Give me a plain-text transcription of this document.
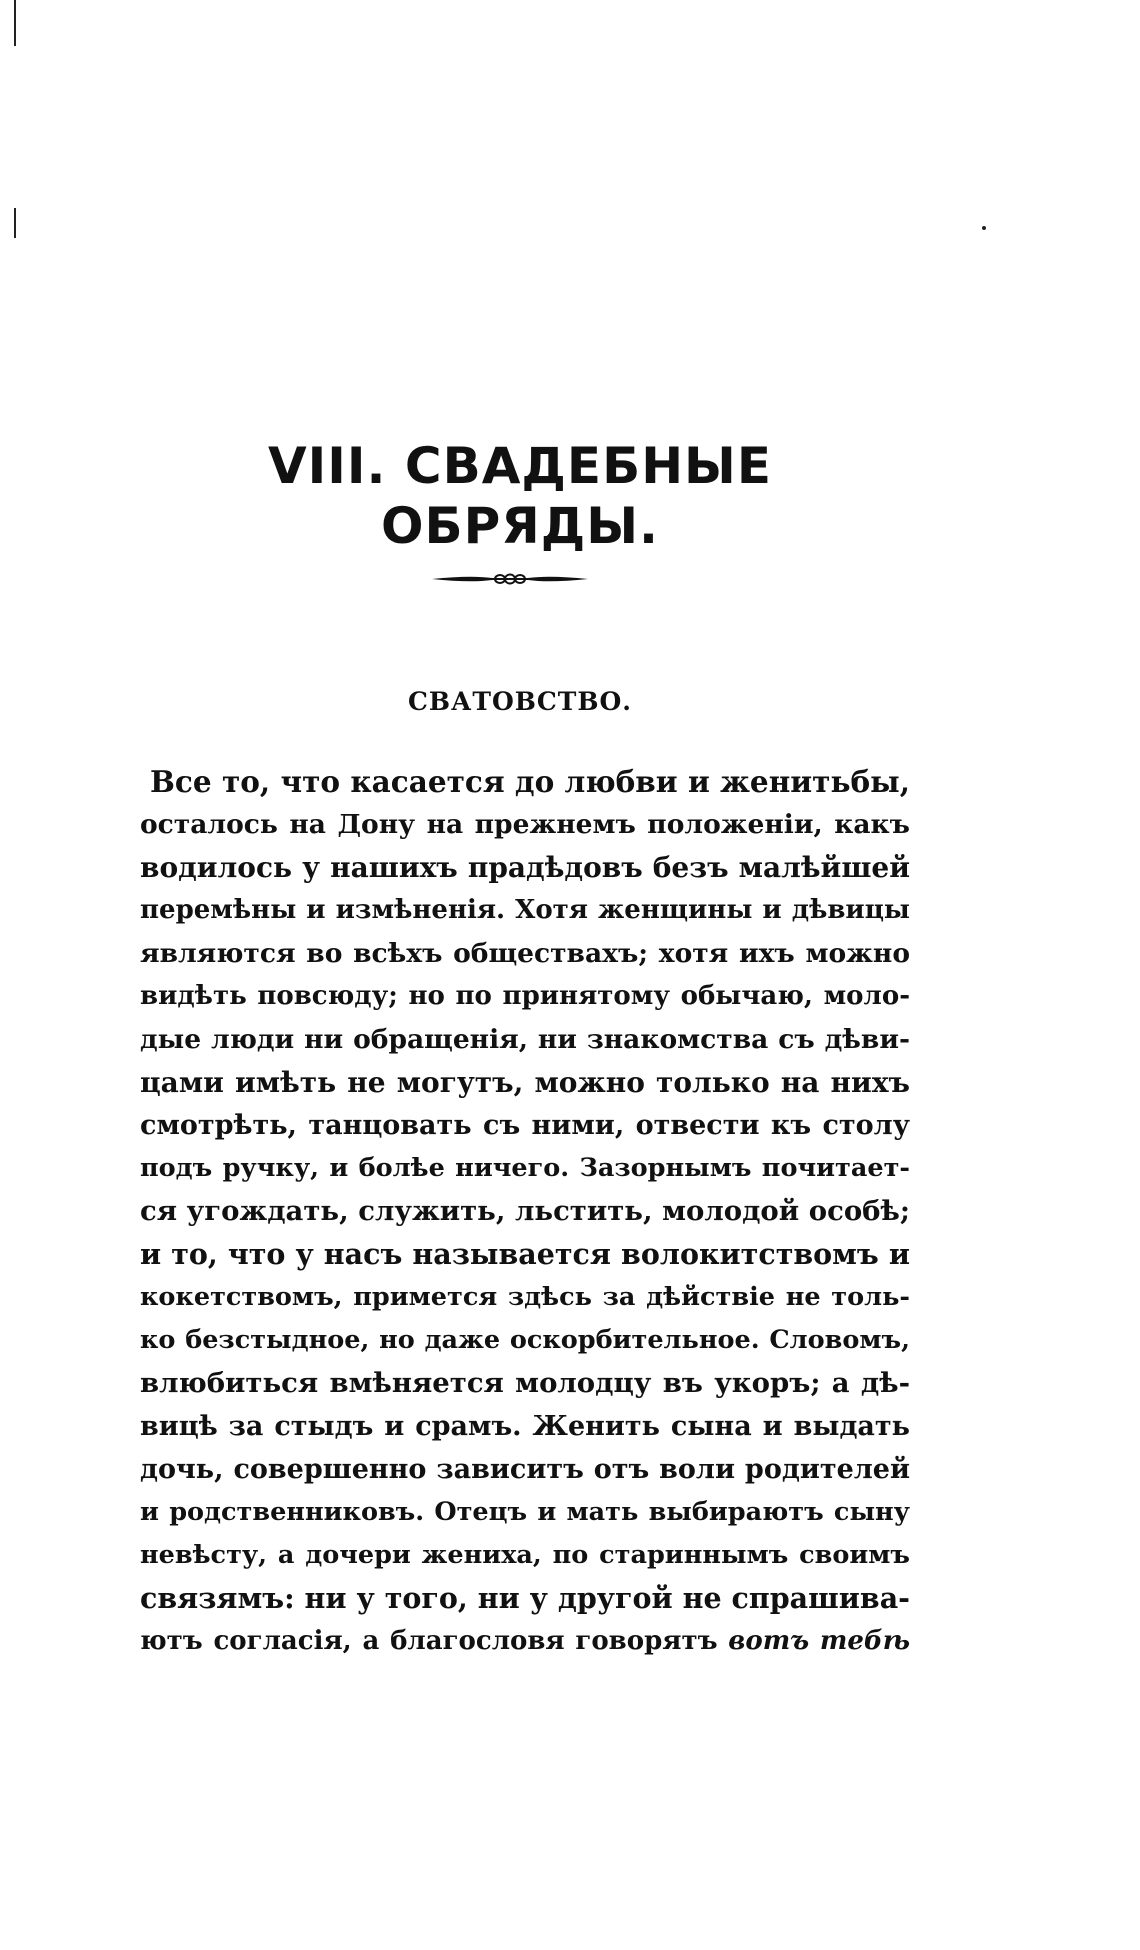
VIII. СВАДЕБНЫЕ ОБРЯДЫ.
СВАТОВСТВО.
Все то, что касается до любви и женитьбы,
осталось на Дону на прежнемъ положеніи, какъ
водилось у нашихъ прадѣдовъ безъ малѣйшей
перемѣны и измѣненія. Хотя женщины и дѣвицы
являются во всѣхъ обществахъ; хотя ихъ можно
видѣть повсюду; но по принятому обычаю, моло-
дые люди ни обращенія, ни знакомства съ дѣви-
цами имѣть не могутъ, можно только на нихъ
смотрѣть, танцовать съ ними, отвести къ столу
подъ ручку, и болѣе ничего. Зазорнымъ почитает-
ся угождать, служить, льстить, молодой особѣ;
и то, что у насъ называется волокитствомъ и
кокетствомъ, примется здѣсь за дѣйствіе не толь-
ко безстыдное, но даже оскорбительное. Словомъ,
влюбиться вмѣняется молодцу въ укоръ; а дѣ-
вицѣ за стыдъ и срамъ. Женить сына и выдать
дочь, совершенно зависитъ отъ воли родителей
и родственниковъ. Отецъ и мать выбираютъ сыну
невѣсту, а дочери жениха, по стариннымъ своимъ
связямъ: ни у того, ни у другой не спрашива-
ютъ согласія, а благословя говорятъ вотъ тебѣ
